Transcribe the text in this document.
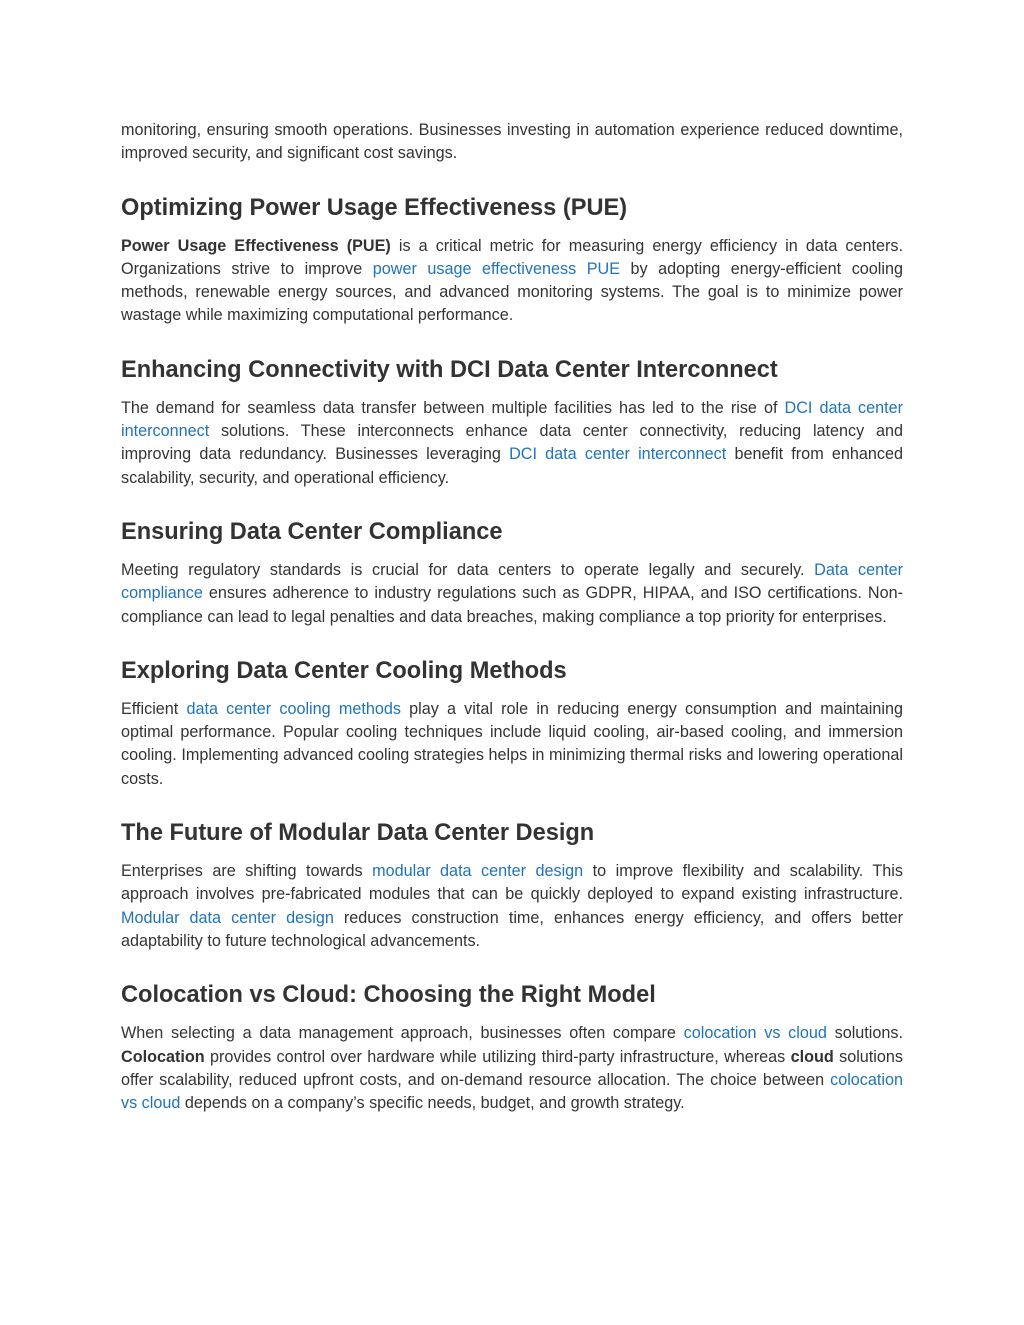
monitoring, ensuring smooth operations. Businesses investing in automation experience reduced downtime, improved security, and significant cost savings.

Optimizing Power Usage Effectiveness (PUE)

Power Usage Effectiveness (PUE) is a critical metric for measuring energy efficiency in data centers. Organizations strive to improve power usage effectiveness PUE by adopting energy-efficient cooling methods, renewable energy sources, and advanced monitoring systems. The goal is to minimize power wastage while maximizing computational performance.

Enhancing Connectivity with DCI Data Center Interconnect

The demand for seamless data transfer between multiple facilities has led to the rise of DCI data center interconnect solutions. These interconnects enhance data center connectivity, reducing latency and improving data redundancy. Businesses leveraging DCI data center interconnect benefit from enhanced scalability, security, and operational efficiency.

Ensuring Data Center Compliance

Meeting regulatory standards is crucial for data centers to operate legally and securely. Data center compliance ensures adherence to industry regulations such as GDPR, HIPAA, and ISO certifications. Non-compliance can lead to legal penalties and data breaches, making compliance a top priority for enterprises.

Exploring Data Center Cooling Methods

Efficient data center cooling methods play a vital role in reducing energy consumption and maintaining optimal performance. Popular cooling techniques include liquid cooling, air-based cooling, and immersion cooling. Implementing advanced cooling strategies helps in minimizing thermal risks and lowering operational costs.

The Future of Modular Data Center Design

Enterprises are shifting towards modular data center design to improve flexibility and scalability. This approach involves pre-fabricated modules that can be quickly deployed to expand existing infrastructure. Modular data center design reduces construction time, enhances energy efficiency, and offers better adaptability to future technological advancements.

Colocation vs Cloud: Choosing the Right Model

When selecting a data management approach, businesses often compare colocation vs cloud solutions. Colocation provides control over hardware while utilizing third-party infrastructure, whereas cloud solutions offer scalability, reduced upfront costs, and on-demand resource allocation. The choice between colocation vs cloud depends on a company’s specific needs, budget, and growth strategy.
